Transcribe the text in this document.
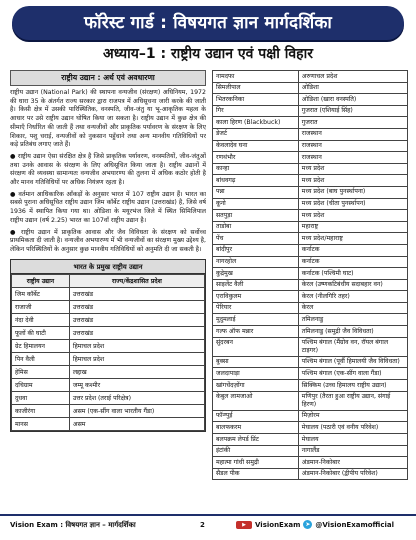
फॉरेस्ट गार्ड : विषयगत ज्ञान मार्गदर्शिका
अध्याय–1 : राष्ट्रीय उद्यान एवं पक्षी विहार
राष्ट्रीय उद्यान : अर्थ एवं अवधारणा

राष्ट्रीय उद्यान (National Park) की स्थापना वन्यजीव (संरक्षण) अधिनियम, 1972 की धारा 35 के अंतर्गत राज्य सरकार द्वारा राजपत्र में अधिसूचना जारी करके की जाती है। किसी क्षेत्र में उसकी पारिस्थितिक, वनस्पति, जीव-जंतु या भू-आकृतिक महत्व के आधार पर उसे राष्ट्रीय उद्यान घोषित किया जा सकता है। राष्ट्रीय उद्यान में कुछ क्षेत्र की सीमाएँ निर्धारित की जाती हैं तथा वन्यजीवों और प्राकृतिक पर्यावरण के संरक्षण के लिए शिकार, पशु चराई, वन्यजीवों को नुकसान पहुँचाने तथा अन्य मानवीय गतिविधियों पर कड़े प्रतिबंध लगाए जाते हैं।

● राष्ट्रीय उद्यान ऐसा संरक्षित क्षेत्र है जिसे प्राकृतिक पर्यावरण, वनस्पतियों, जीव-जंतुओं तथा उनके आवास के संरक्षण के लिए अधिसूचित किया जाता है। राष्ट्रीय उद्यानों में संरक्षण की व्यवस्था सामान्यतः वन्यजीव अभयारण्य की तुलना में अधिक कठोर होती है और मानव गतिविधियों पर अधिक नियंत्रण रहता है।

● वर्तमान आधिकारिक आँकड़ों के अनुसार भारत में 107 राष्ट्रीय उद्यान हैं। भारत का सबसे पुराना अधिसूचित राष्ट्रीय उद्यान जिम कॉर्बेट राष्ट्रीय उद्यान (उत्तराखंड) है, जिसे वर्ष 1936 में स्थापित किया गया था। ओडिशा के मयूरभंज जिले में स्थित सिमिलिपाल राष्ट्रीय उद्यान (वर्ष 2.25) भारत का 107वाँ राष्ट्रीय उद्यान है।

● राष्ट्रीय उद्यान में प्राकृतिक आवास और जैव विविधता के संरक्षण को सर्वोच्च प्राथमिकता दी जाती है। वन्यजीव अभयारण्य में भी वन्यजीवों का संरक्षण मुख्य उद्देश्य है, लेकिन परिस्थितियों के अनुसार कुछ मानवीय गतिविधियों को अनुमति दी जा सकती है।

भारत के प्रमुख राष्ट्रीय उद्यान
राष्ट्रीय उद्यान	राज्य/केंद्रशासित प्रदेश
जिम कॉर्बेट	उत्तराखंड
राजाजी	उत्तराखंड
नंदा देवी	उत्तराखंड
फूलों की घाटी	उत्तराखंड
ग्रेट हिमालयन	हिमाचल प्रदेश
पिन वैली	हिमाचल प्रदेश
हेमिस	लद्दाख
दचिग्राम	जम्मू कश्मीर
दुधवा	उत्तर प्रदेश (तराई परिक्षेत्र)
काजीरंगा	असम (एक-सींग वाला भारतीय गैंडा)
मानस	असम
नामदफा	अरुणाचल प्रदेश
सिमलीपाल	ओडिशा
भितरकनिका	ओडिशा (खारा वनस्पति)
गिर	गुजरात (एशियाई सिंह)
काला हिरण (Blackbuck)	गुजरात
डेजर्ट	राजस्थान
केवलादेव घना	राजस्थान
रणथंभौर	राजस्थान
कान्हा	मध्य प्रदेश
बांधवगढ़	मध्य प्रदेश
पन्ना	मध्य प्रदेश (बाघ पुनर्स्थापना)
कूनो	मध्य प्रदेश (चीता पुनर्स्थापन)
सतपुड़ा	मध्य प्रदेश
ताडोबा	महाराष्ट्र
पेंच	मध्य प्रदेश/महाराष्ट्र
बांदीपुर	कर्नाटक
नागरहोल	कर्नाटक
कुद्रेमुख	कर्नाटक (पश्चिमी घाट)
साइलेंट वैली	केरल (उष्णकटिबंधीय सदाबहार वन)
एराविकुलम	केरल (नीलगिरि तहर)
पेरियार	केरल
मुदुमलाई	तमिलनाडु
गल्फ ऑफ मन्नार	तमिलनाडु (समुद्री जैव विविधता)
सुंदरबन	पश्चिम बंगाल (मैंग्रोव वन, रॉयल बंगाल टाइगर)
बुक्सा	पश्चिम बंगाल (पूर्वी हिमालयी जैव विविधता)
जलदापाड़ा	पश्चिम बंगाल (एक-सींग वाला गैंडा)
खांगचेंदज़ोंगा	सिक्किम (उच्च हिमालय राष्ट्रीय उद्यान)
केबुल लामजाओ	मणिपुर (तैरता हुआ राष्ट्रीय उद्यान, संगाई हिरण)
फॉन्ग्पुई	मिज़ोरम
बालफकरम	मेघालय (पठारी एवं वनीय परिवेश)
बलपक्रम लेपर्ड प्रिंट	मेघालय
इंटांकी	नागालैंड
महात्मा गांधी समुद्री	अंडमान-निकोबार
सैडल पीक	अंडमान-निकोबार (द्वीपीय परिवेश)
Vision Exam : विषयगत ज्ञान – मार्गदर्शिका	2	▶	VisionExam ➤ @VisionExamofficial
